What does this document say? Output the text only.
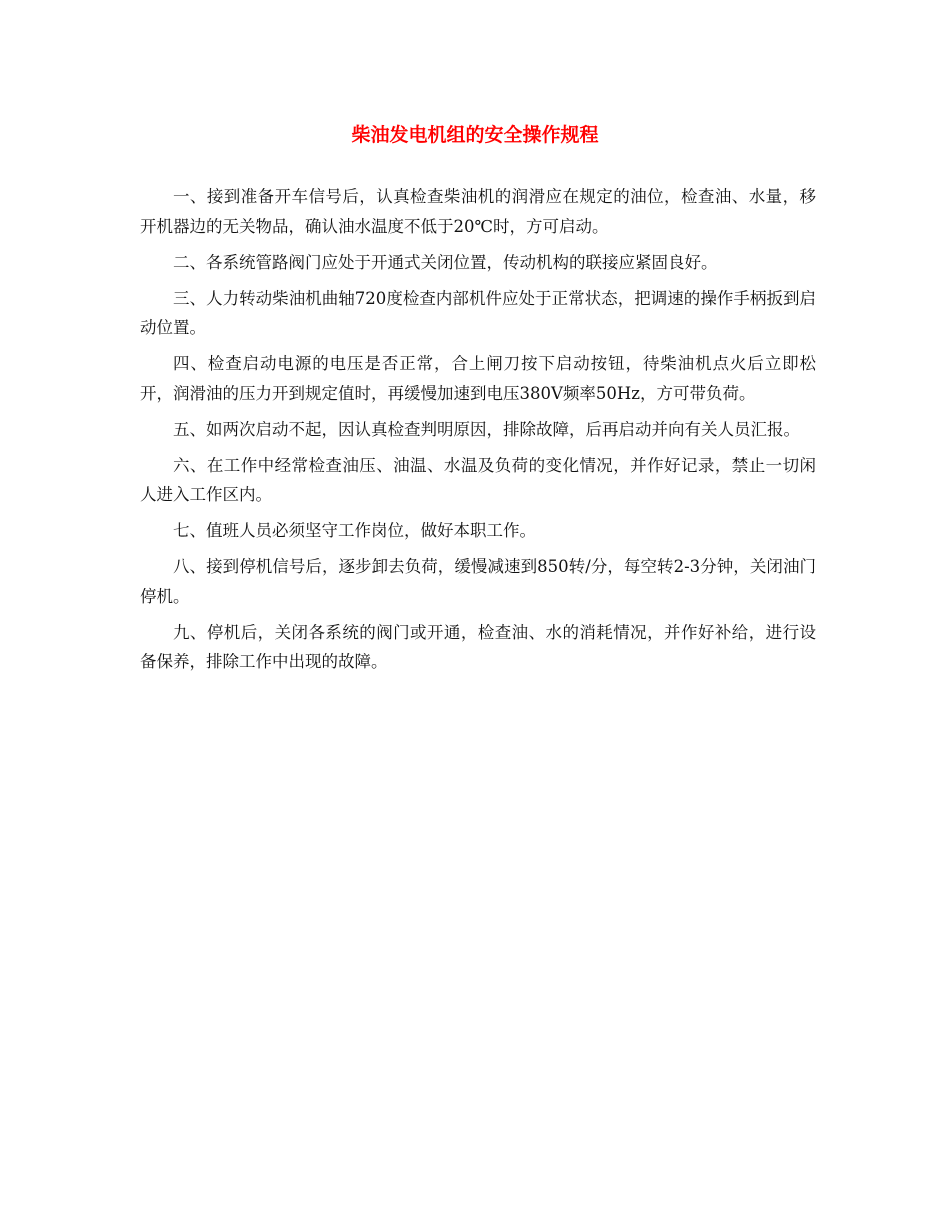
柴油发电机组的安全操作规程

一、接到准备开车信号后，认真检查柴油机的润滑应在规定的油位，检查油、水量，移开机器边的无关物品，确认油水温度不低于20℃时，方可启动。

二、各系统管路阀门应处于开通式关闭位置，传动机构的联接应紧固良好。

三、人力转动柴油机曲轴720度检查内部机件应处于正常状态，把调速的操作手柄扳到启动位置。

四、检查启动电源的电压是否正常，合上闸刀按下启动按钮，待柴油机点火后立即松开，润滑油的压力开到规定值时，再缓慢加速到电压380V频率50Hz，方可带负荷。

五、如两次启动不起，因认真检查判明原因，排除故障，后再启动并向有关人员汇报。

六、在工作中经常检查油压、油温、水温及负荷的变化情况，并作好记录，禁止一切闲人进入工作区内。

七、值班人员必须坚守工作岗位，做好本职工作。

八、接到停机信号后，逐步卸去负荷，缓慢减速到850转/分，每空转2-3分钟，关闭油门停机。

九、停机后，关闭各系统的阀门或开通，检查油、水的消耗情况，并作好补给，进行设备保养，排除工作中出现的故障。
